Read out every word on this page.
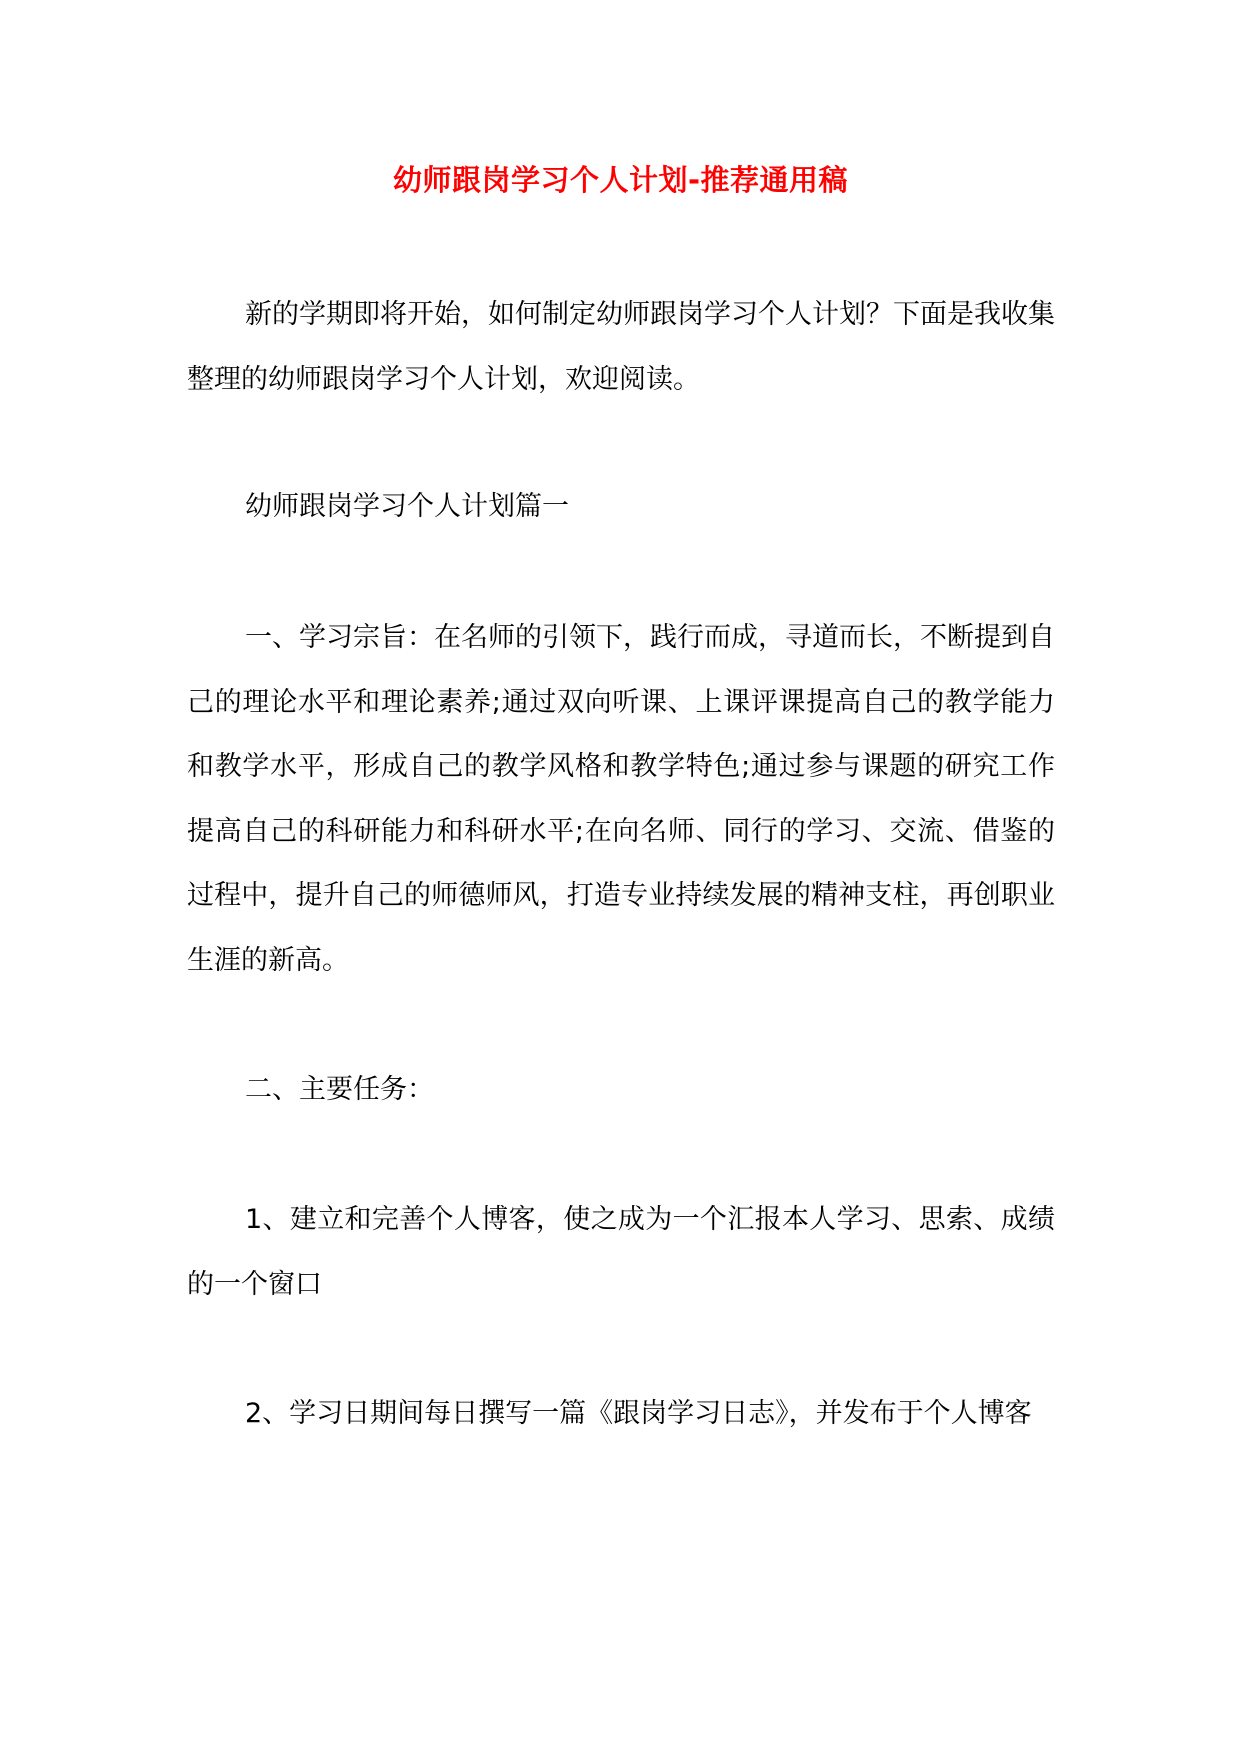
幼师跟岗学习个人计划-推荐通用稿

新的学期即将开始，如何制定幼师跟岗学习个人计划？下面是我收集整理的幼师跟岗学习个人计划，欢迎阅读。

幼师跟岗学习个人计划篇一

一、学习宗旨：在名师的引领下，践行而成，寻道而长，不断提到自己的理论水平和理论素养;通过双向听课、上课评课提高自己的教学能力和教学水平，形成自己的教学风格和教学特色;通过参与课题的研究工作提高自己的科研能力和科研水平;在向名师、同行的学习、交流、借鉴的过程中，提升自己的师德师风，打造专业持续发展的精神支柱，再创职业生涯的新高。

二、主要任务：

1、建立和完善个人博客，使之成为一个汇报本人学习、思索、成绩的一个窗口

2、学习日期间每日撰写一篇《跟岗学习日志》，并发布于个人博客
